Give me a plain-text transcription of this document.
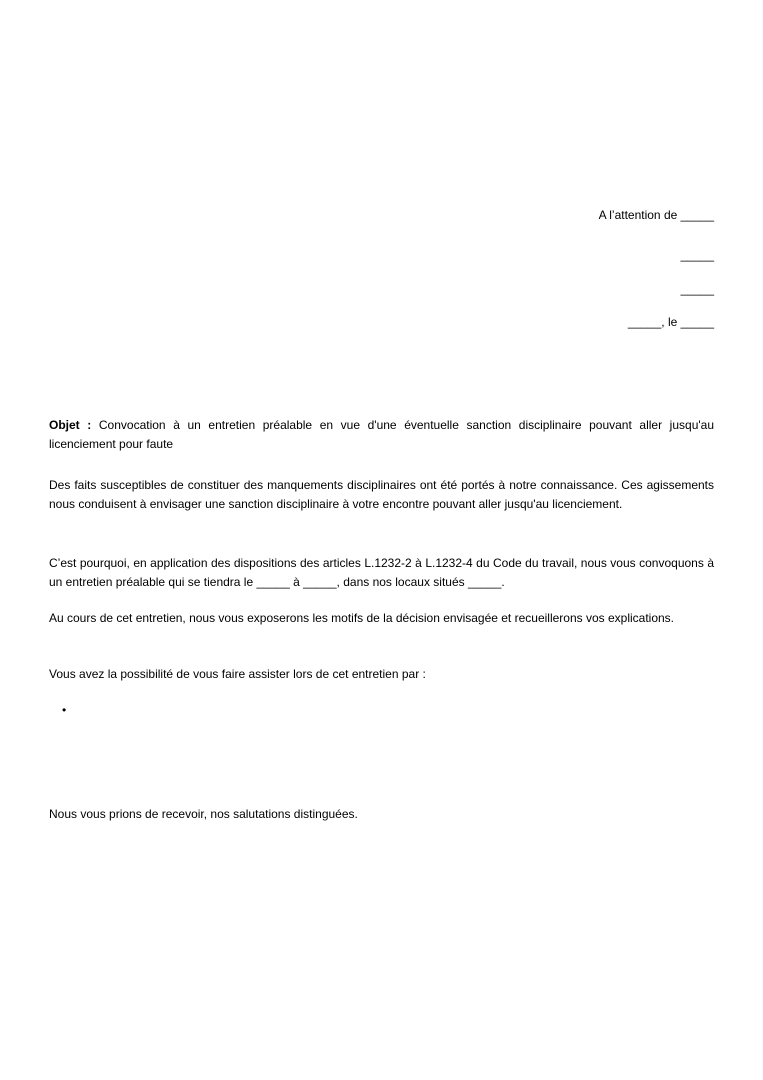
A l’attention de _____
_____
_____
_____, le _____

Objet : Convocation à un entretien préalable en vue d'une éventuelle sanction disciplinaire pouvant aller jusqu'au licenciement pour faute

Des faits susceptibles de constituer des manquements disciplinaires ont été portés à notre connaissance. Ces agissements nous conduisent à envisager une sanction disciplinaire à votre encontre pouvant aller jusqu'au licenciement.

C’est pourquoi, en application des dispositions des articles L.1232-2 à L.1232-4 du Code du travail, nous vous convoquons à un entretien préalable qui se tiendra le _____ à _____, dans nos locaux situés _____.

Au cours de cet entretien, nous vous exposerons les motifs de la décision envisagée et recueillerons vos explications.

Vous avez la possibilité de vous faire assister lors de cet entretien par :

•

Nous vous prions de recevoir, nos salutations distinguées.
